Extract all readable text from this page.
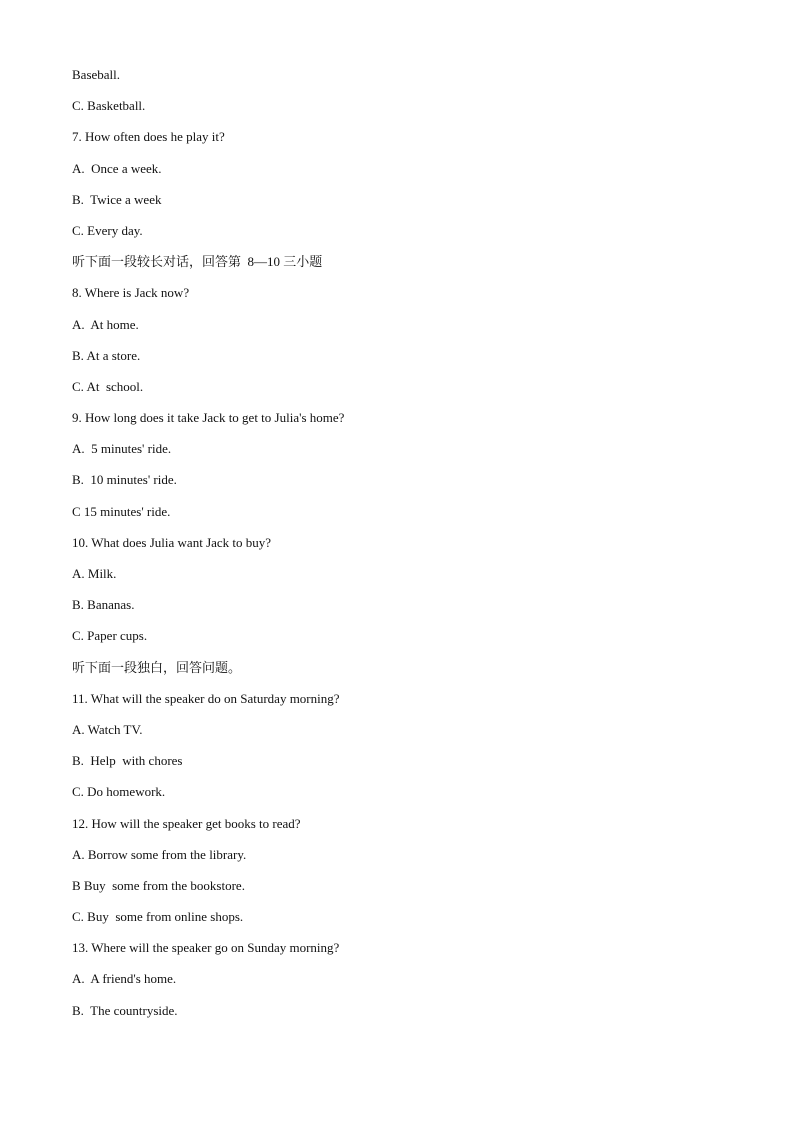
Baseball.
C. Basketball.
7. How often does he play it?
A.  Once a week.
B.  Twice a week
C. Every day.
听下面一段较长对话，回答第  8—10 三小题
8. Where is Jack now?
A.  At home.
B. At a store.
C. At  school.
9. How long does it take Jack to get to Julia's home?
A.  5 minutes' ride.
B.  10 minutes' ride.
C 15 minutes' ride.
10. What does Julia want Jack to buy?
A. Milk.
B. Bananas.
C. Paper cups.
听下面一段独白，回答问题。
11. What will the speaker do on Saturday morning?
A. Watch TV.
B.  Help  with chores
C. Do homework.
12. How will the speaker get books to read?
A. Borrow some from the library.
B Buy  some from the bookstore.
C. Buy  some from online shops.
13. Where will the speaker go on Sunday morning?
A.  A friend's home.
B.  The countryside.
